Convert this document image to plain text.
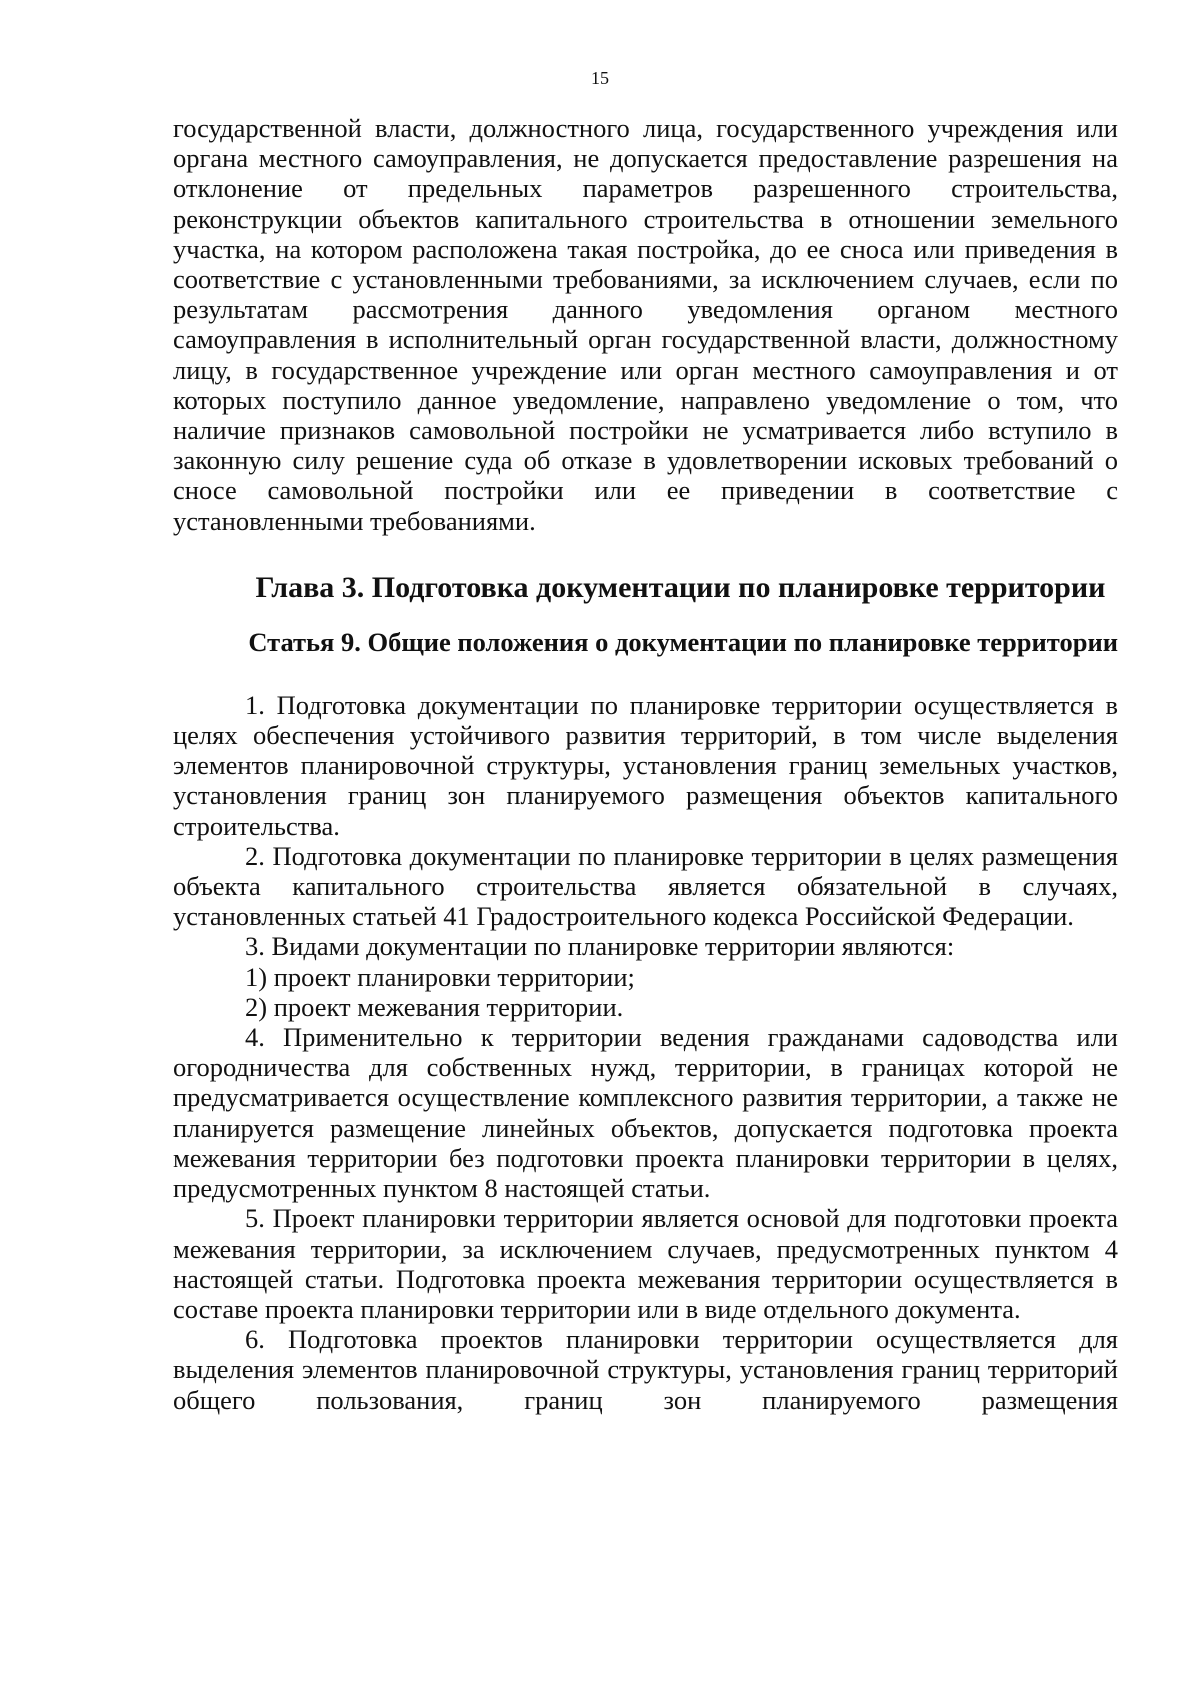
15

государственной власти, должностного лица, государственного учреждения или органа местного самоуправления, не допускается предоставление разрешения на отклонение от предельных параметров разрешенного строительства, реконструкции объектов капитального строительства в отношении земельного участка, на котором расположена такая постройка, до ее сноса или приведения в соответствие с установленными требованиями, за исключением случаев, если по результатам рассмотрения данного уведомления органом местного самоуправления в исполнительный орган государственной власти, должностному лицу, в государственное учреждение или орган местного самоуправления и от которых поступило данное уведомление, направлено уведомление о том, что наличие признаков самовольной постройки не усматривается либо вступило в законную силу решение суда об отказе в удовлетворении исковых требований о сносе самовольной постройки или ее приведении в соответствие с установленными требованиями.

Глава 3. Подготовка документации по планировке территории
Статья 9. Общие положения о документации по планировке территории

1. Подготовка документации по планировке территории осуществляется в целях обеспечения устойчивого развития территорий, в том числе выделения элементов планировочной структуры, установления границ земельных участков, установления границ зон планируемого размещения объектов капитального строительства.

2. Подготовка документации по планировке территории в целях размещения объекта капитального строительства является обязательной в случаях, установленных статьей 41 Градостроительного кодекса Российской Федерации.

3. Видами документации по планировке территории являются:

1) проект планировки территории;

2) проект межевания территории.

4. Применительно к территории ведения гражданами садоводства или огородничества для собственных нужд, территории, в границах которой не предусматривается осуществление комплексного развития территории, а также не планируется размещение линейных объектов, допускается подготовка проекта межевания территории без подготовки проекта планировки территории в целях, предусмотренных пунктом 8 настоящей статьи.

5. Проект планировки территории является основой для подготовки проекта межевания территории, за исключением случаев, предусмотренных пунктом 4 настоящей статьи. Подготовка проекта межевания территории осуществляется в составе проекта планировки территории или в виде отдельного документа.

6. Подготовка проектов планировки территории осуществляется для выделения элементов планировочной структуры, установления границ территорий общего пользования, границ зон планируемого размещения
